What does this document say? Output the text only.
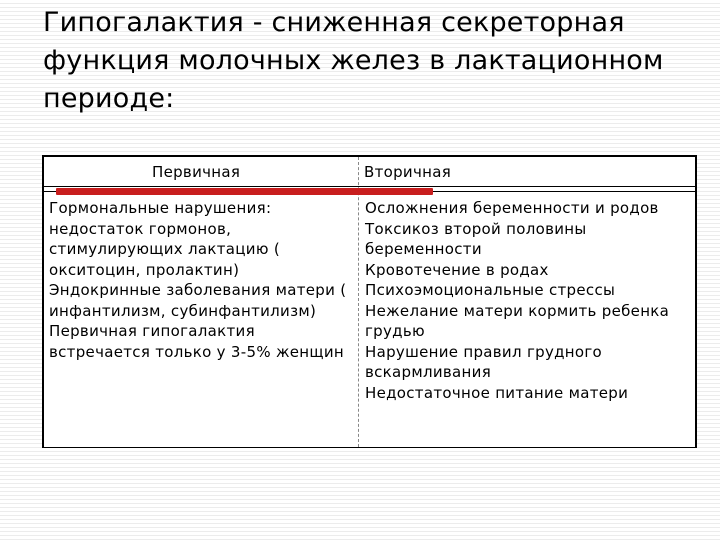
Гипогалактия - сниженная секреторная функция молочных желез в лактационном периоде:
Первичная	Вторичная
Гормональные нарушения: недостаток гормонов, стимулирующих лактацию ( окситоцин, пролактин)
Эндокринные заболевания матери ( инфантилизм, субинфантилизм)
Первичная гипогалактия встречается только у 3-5% женщин
Осложнения беременности и родов
Токсикоз второй половины беременности
Кровотечение в родах
Психоэмоциональные стрессы
Нежелание матери кормить ребенка грудью
Нарушение правил грудного вскармливания
Недостаточное питание матери
